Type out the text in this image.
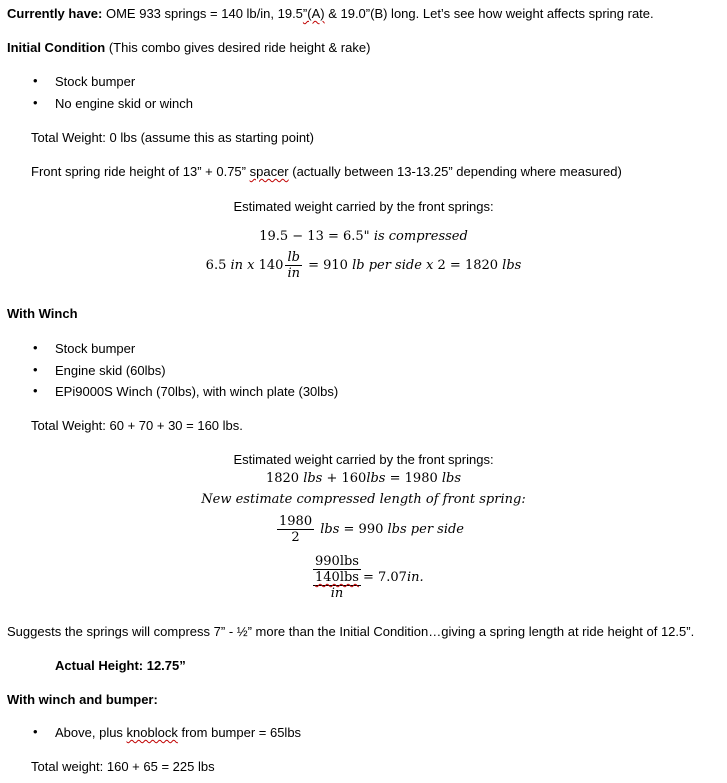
Currently have: OME 933 springs = 140 lb/in, 19.5”(A) & 19.0”(B) long. Let’s see how weight affects spring rate.
Initial Condition (This combo gives desired ride height & rake)
• Stock bumper
• No engine skid or winch
Total Weight: 0 lbs (assume this as starting point)
Front spring ride height of 13” + 0.75” spacer (actually between 13-13.25” depending where measured)
Estimated weight carried by the front springs:
19.5 − 13 = 6.5" is compressed
6.5 in x $140 \frac{lb}{in} = 910$ lb per side x 2 = 1820 lbs
With Winch
• Stock bumper
• Engine skid (60lbs)
• EPi9000S Winch (70lbs), with winch plate (30lbs)
Total Weight: 60 + 70 + 30 = 160 lbs.
Estimated weight carried by the front springs:
1820 lbs + 160lbs = 1980 lbs
New estimate compressed length of front spring:
$\frac{1980}{2}$ lbs = 990 lbs per side
990lbs
140lbs
in = 7.07in.
Suggests the springs will compress 7” - ½” more than the Initial Condition…giving a spring length at ride height of 12.5”.
Actual Height: 12.75”
With winch and bumper:
• Above, plus knoblock from bumper = 65lbs
Total weight: 160 + 65 = 225 lbs
